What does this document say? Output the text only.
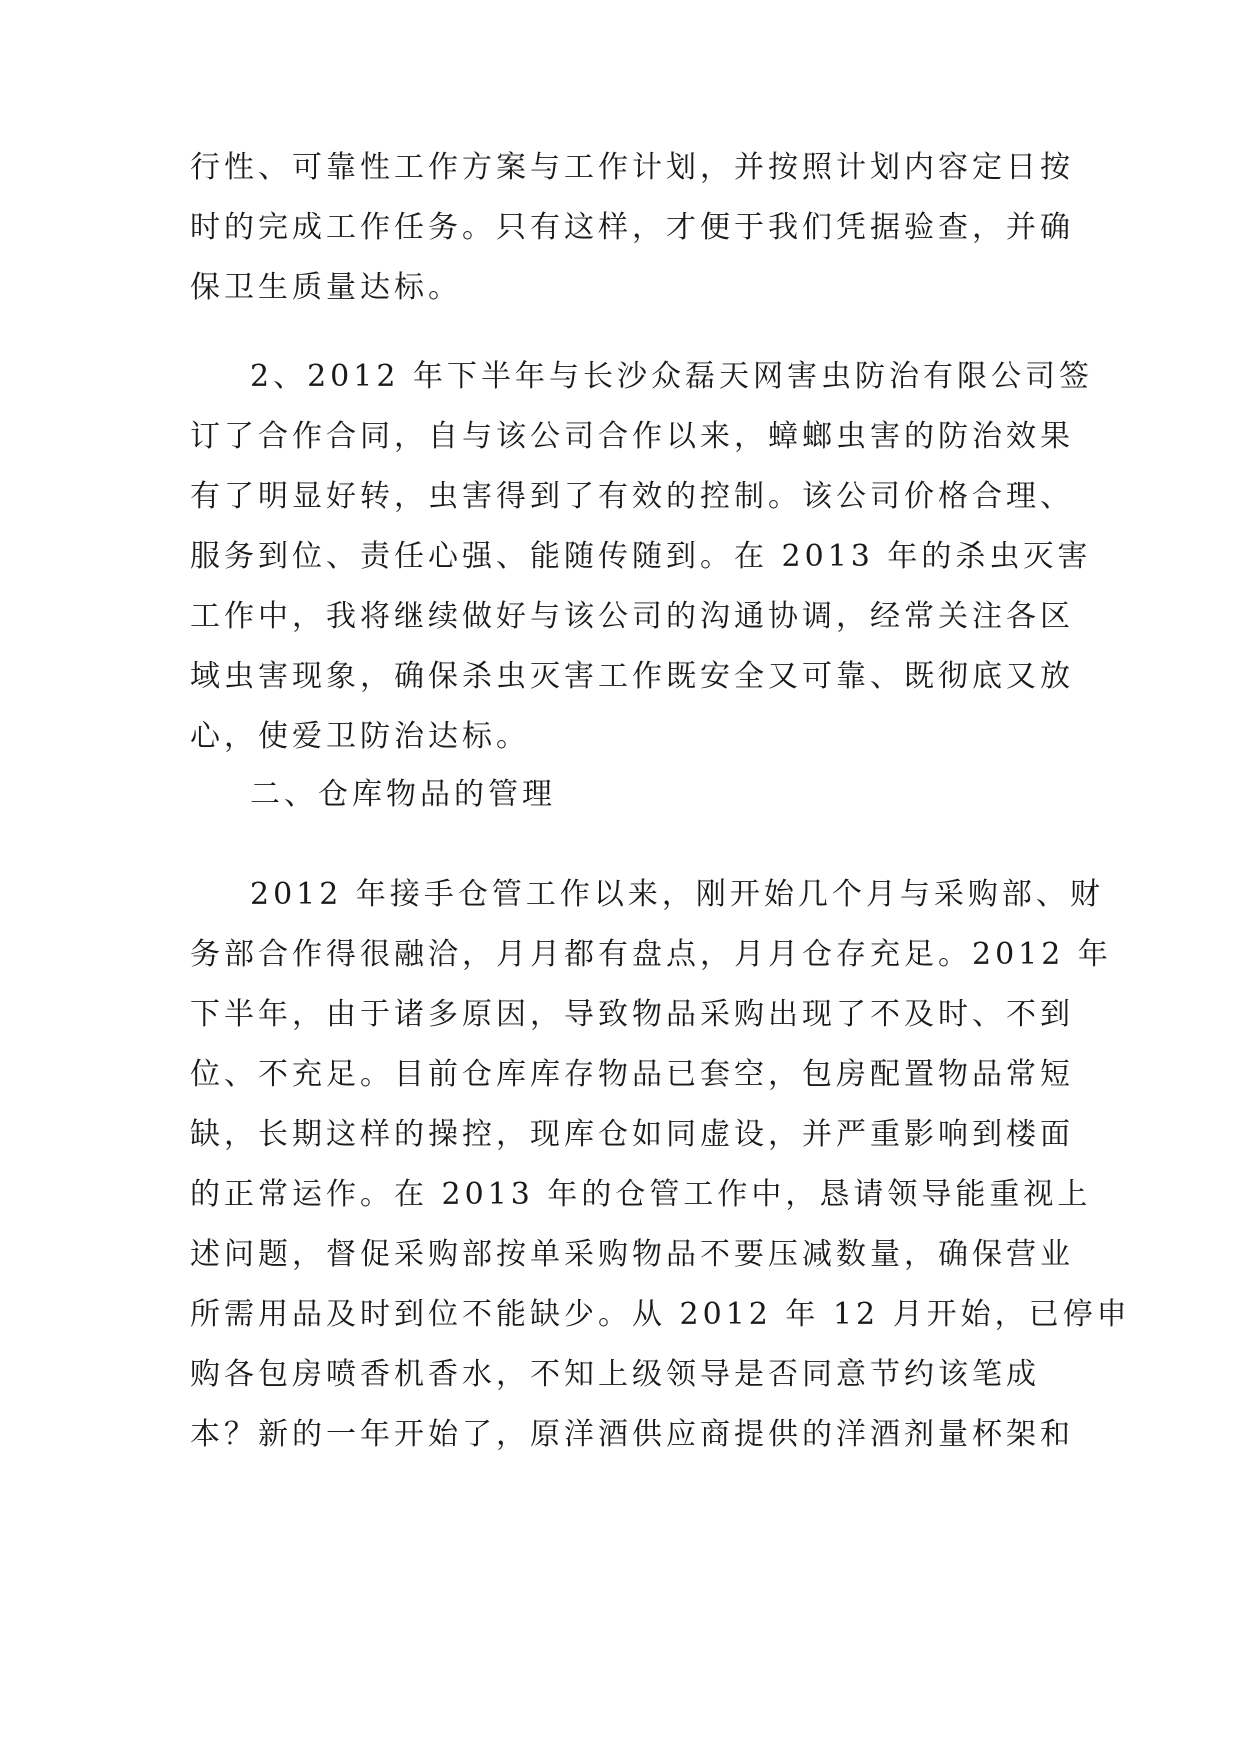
行性、可靠性工作方案与工作计划，并按照计划内容定日按
时的完成工作任务。只有这样，才便于我们凭据验查，并确
保卫生质量达标。
2、2012 年下半年与长沙众磊天网害虫防治有限公司签
订了合作合同，自与该公司合作以来，蟑螂虫害的防治效果
有了明显好转，虫害得到了有效的控制。该公司价格合理、
服务到位、责任心强、能随传随到。在 2013 年的杀虫灭害
工作中，我将继续做好与该公司的沟通协调，经常关注各区
域虫害现象，确保杀虫灭害工作既安全又可靠、既彻底又放
心，使爱卫防治达标。
二、仓库物品的管理
2012 年接手仓管工作以来，刚开始几个月与采购部、财
务部合作得很融洽，月月都有盘点，月月仓存充足。2012 年
下半年，由于诸多原因，导致物品采购出现了不及时、不到
位、不充足。目前仓库库存物品已套空，包房配置物品常短
缺，长期这样的操控，现库仓如同虚设，并严重影响到楼面
的正常运作。在 2013 年的仓管工作中，恳请领导能重视上
述问题，督促采购部按单采购物品不要压减数量，确保营业
所需用品及时到位不能缺少。从 2012 年 12 月开始，已停申
购各包房喷香机香水，不知上级领导是否同意节约该笔成
本？新的一年开始了，原洋酒供应商提供的洋酒剂量杯架和
